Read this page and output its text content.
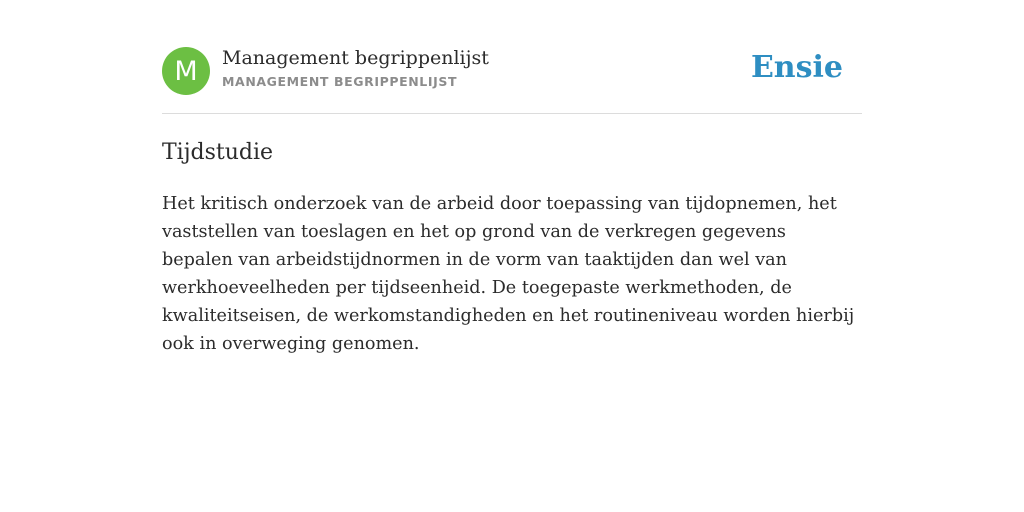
M	Management begrippenlijst
MANAGEMENT BEGRIPPENLIJST	Ensie
Tijdstudie

Het kritisch onderzoek van de arbeid door toepassing van tijdopnemen, het vaststellen van toeslagen en het op grond van de verkregen gegevens bepalen van arbeidstijdnormen in de vorm van taaktijden dan wel van werkhoeveelheden per tijdseenheid. De toegepaste werkmethoden, de kwaliteitseisen, de werkomstandigheden en het routineniveau worden hierbij ook in overweging genomen.
